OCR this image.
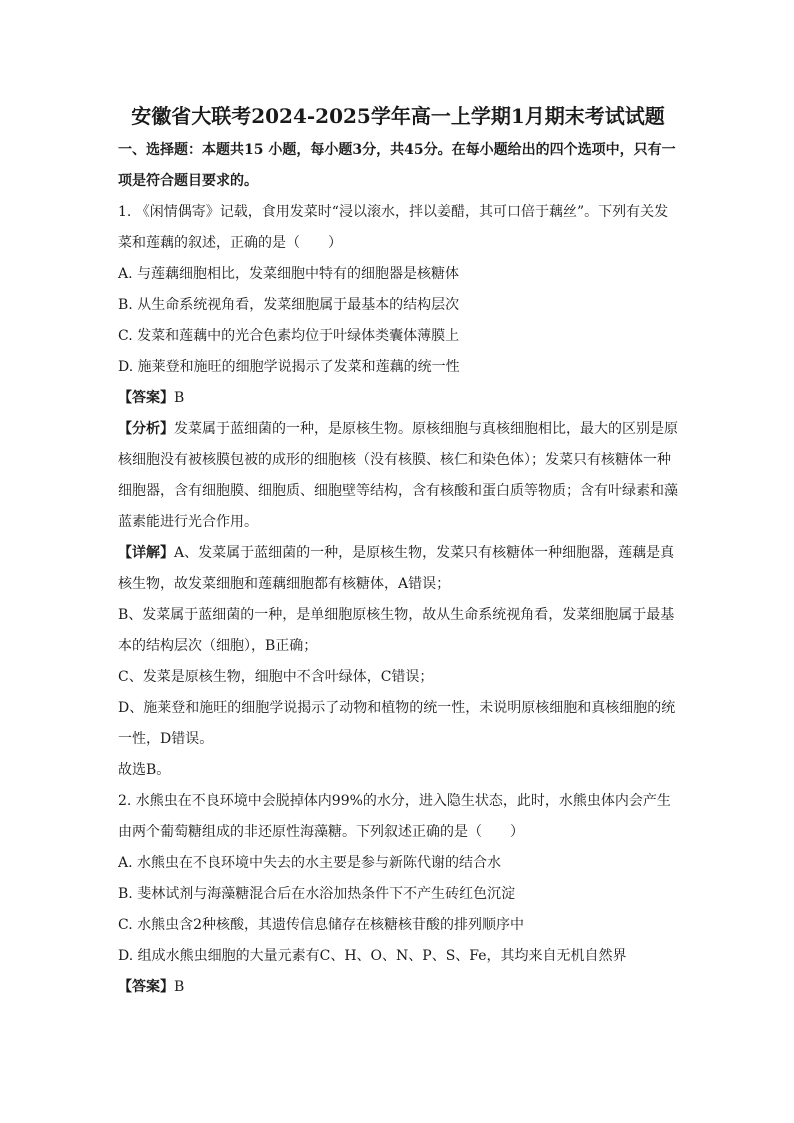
安徽省大联考2024-2025学年高一上学期1月期末考试试题

一、选择题：本题共15 小题，每小题3分，共45分。在每小题给出的四个选项中，只有一项是符合题目要求的。

1. 《闲情偶寄》记载，食用发菜时“浸以滚水，拌以姜醋，其可口倍于藕丝”。下列有关发

菜和莲藕的叙述，正确的是（　　）

A. 与莲藕细胞相比，发菜细胞中特有的细胞器是核糖体

B. 从生命系统视角看，发菜细胞属于最基本的结构层次

C. 发菜和莲藕中的光合色素均位于叶绿体类囊体薄膜上

D. 施莱登和施旺的细胞学说揭示了发菜和莲藕的统一性

【答案】B

【分析】发菜属于蓝细菌的一种，是原核生物。原核细胞与真核细胞相比，最大的区别是原核细胞没有被核膜包被的成形的细胞核（没有核膜、核仁和染色体）；发菜只有核糖体一种细胞器，含有细胞膜、细胞质、细胞壁等结构，含有核酸和蛋白质等物质；含有叶绿素和藻蓝素能进行光合作用。

【详解】A、发菜属于蓝细菌的一种，是原核生物，发菜只有核糖体一种细胞器，莲藕是真核生物，故发菜细胞和莲藕细胞都有核糖体，A错误；

B、发菜属于蓝细菌的一种，是单细胞原核生物，故从生命系统视角看，发菜细胞属于最基本的结构层次（细胞），B正确；

C、发菜是原核生物，细胞中不含叶绿体，C错误；

D、施莱登和施旺的细胞学说揭示了动物和植物的统一性，未说明原核细胞和真核细胞的统一性，D错误。

故选B。

2. 水熊虫在不良环境中会脱掉体内99%的水分，进入隐生状态，此时，水熊虫体内会产生

由两个葡萄糖组成的非还原性海藻糖。下列叙述正确的是（　　）

A. 水熊虫在不良环境中失去的水主要是参与新陈代谢的结合水

B. 斐林试剂与海藻糖混合后在水浴加热条件下不产生砖红色沉淀

C. 水熊虫含2种核酸，其遗传信息储存在核糖核苷酸的排列顺序中

D. 组成水熊虫细胞的大量元素有C、H、O、N、P、S、Fe，其均来自无机自然界

【答案】B
